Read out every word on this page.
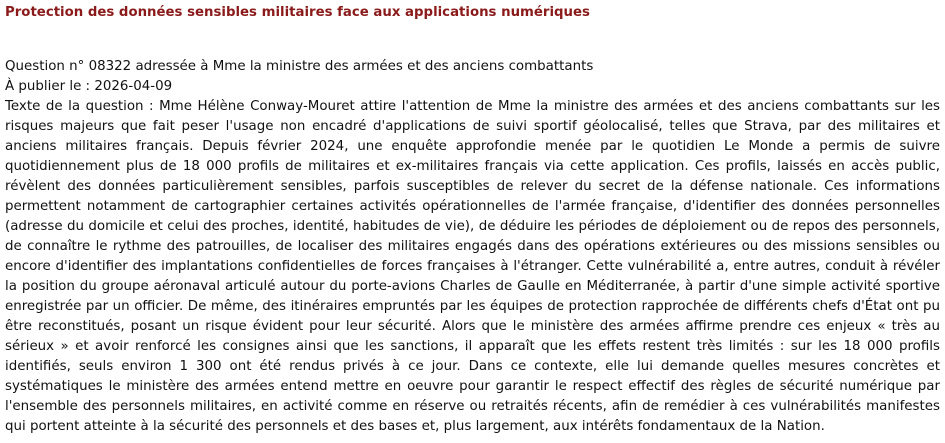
Protection des données sensibles militaires face aux applications numériques
Question n° 08322 adressée à Mme la ministre des armées et des anciens combattants
À publier le : 2026-04-09

Texte de la question : Mme Hélène Conway-Mouret attire l'attention de Mme la ministre des armées et des anciens combattants sur les risques majeurs que fait peser l'usage non encadré d'applications de suivi sportif géolocalisé, telles que Strava, par des militaires et anciens militaires français. Depuis février 2024, une enquête approfondie menée par le quotidien Le Monde a permis de suivre quotidiennement plus de 18 000 profils de militaires et ex-militaires français via cette application. Ces profils, laissés en accès public, révèlent des données particulièrement sensibles, parfois susceptibles de relever du secret de la défense nationale. Ces informations permettent notamment de cartographier certaines activités opérationnelles de l'armée française, d'identifier des données personnelles (adresse du domicile et celui des proches, identité, habitudes de vie), de déduire les périodes de déploiement ou de repos des personnels, de connaître le rythme des patrouilles, de localiser des militaires engagés dans des opérations extérieures ou des missions sensibles ou encore d'identifier des implantations confidentielles de forces françaises à l'étranger. Cette vulnérabilité a, entre autres, conduit à révéler la position du groupe aéronaval articulé autour du porte-avions Charles de Gaulle en Méditerranée, à partir d'une simple activité sportive enregistrée par un officier. De même, des itinéraires empruntés par les équipes de protection rapprochée de différents chefs d'État ont pu être reconstitués, posant un risque évident pour leur sécurité. Alors que le ministère des armées affirme prendre ces enjeux « très au sérieux » et avoir renforcé les consignes ainsi que les sanctions, il apparaît que les effets restent très limités : sur les 18 000 profils identifiés, seuls environ 1 300 ont été rendus privés à ce jour. Dans ce contexte, elle lui demande quelles mesures concrètes et systématiques le ministère des armées entend mettre en oeuvre pour garantir le respect effectif des règles de sécurité numérique par l'ensemble des personnels militaires, en activité comme en réserve ou retraités récents, afin de remédier à ces vulnérabilités manifestes qui portent atteinte à la sécurité des personnels et des bases et, plus largement, aux intérêts fondamentaux de la Nation.
